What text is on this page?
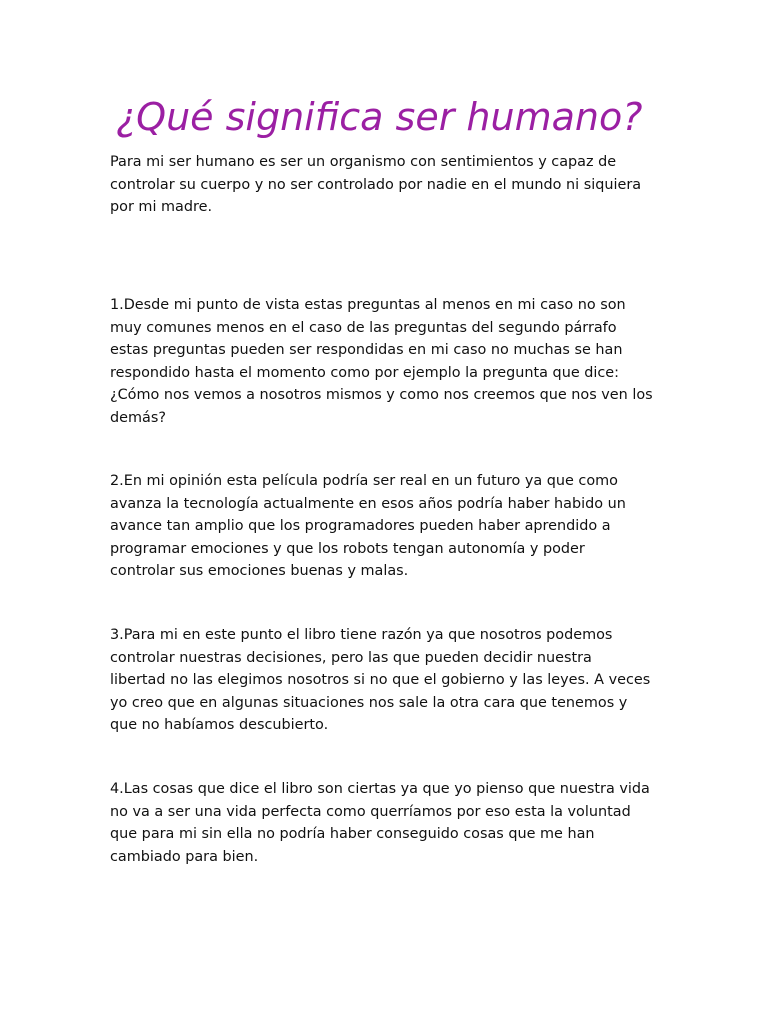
¿Qué significa ser humano?

Para mi ser humano es ser un organismo con sentimientos y capaz de
controlar su cuerpo y no ser controlado por nadie en el mundo ni siquiera
por mi madre.

1.Desde mi punto de vista estas preguntas al menos en mi caso no son
muy comunes menos en el caso de las preguntas del segundo párrafo
estas preguntas pueden ser respondidas en mi caso no muchas se han
respondido hasta el momento como por ejemplo la pregunta que dice:
¿Cómo nos vemos a nosotros mismos y como nos creemos que nos ven los
demás?

2.En mi opinión esta película podría ser real en un futuro ya que como
avanza la tecnología actualmente en esos años podría haber habido un
avance tan amplio que los programadores pueden haber aprendido a
programar emociones y que los robots tengan autonomía y poder
controlar sus emociones buenas y malas.

3.Para mi en este punto el libro tiene razón ya que nosotros podemos
controlar nuestras decisiones, pero las que pueden decidir nuestra
libertad no las elegimos nosotros si no que el gobierno y las leyes. A veces
yo creo que en algunas situaciones nos sale la otra cara que tenemos y
que no habíamos descubierto.

4.Las cosas que dice el libro son ciertas ya que yo pienso que nuestra vida
no va a ser una vida perfecta como querríamos por eso esta la voluntad
que para mi sin ella no podría haber conseguido cosas que me han
cambiado para bien.
